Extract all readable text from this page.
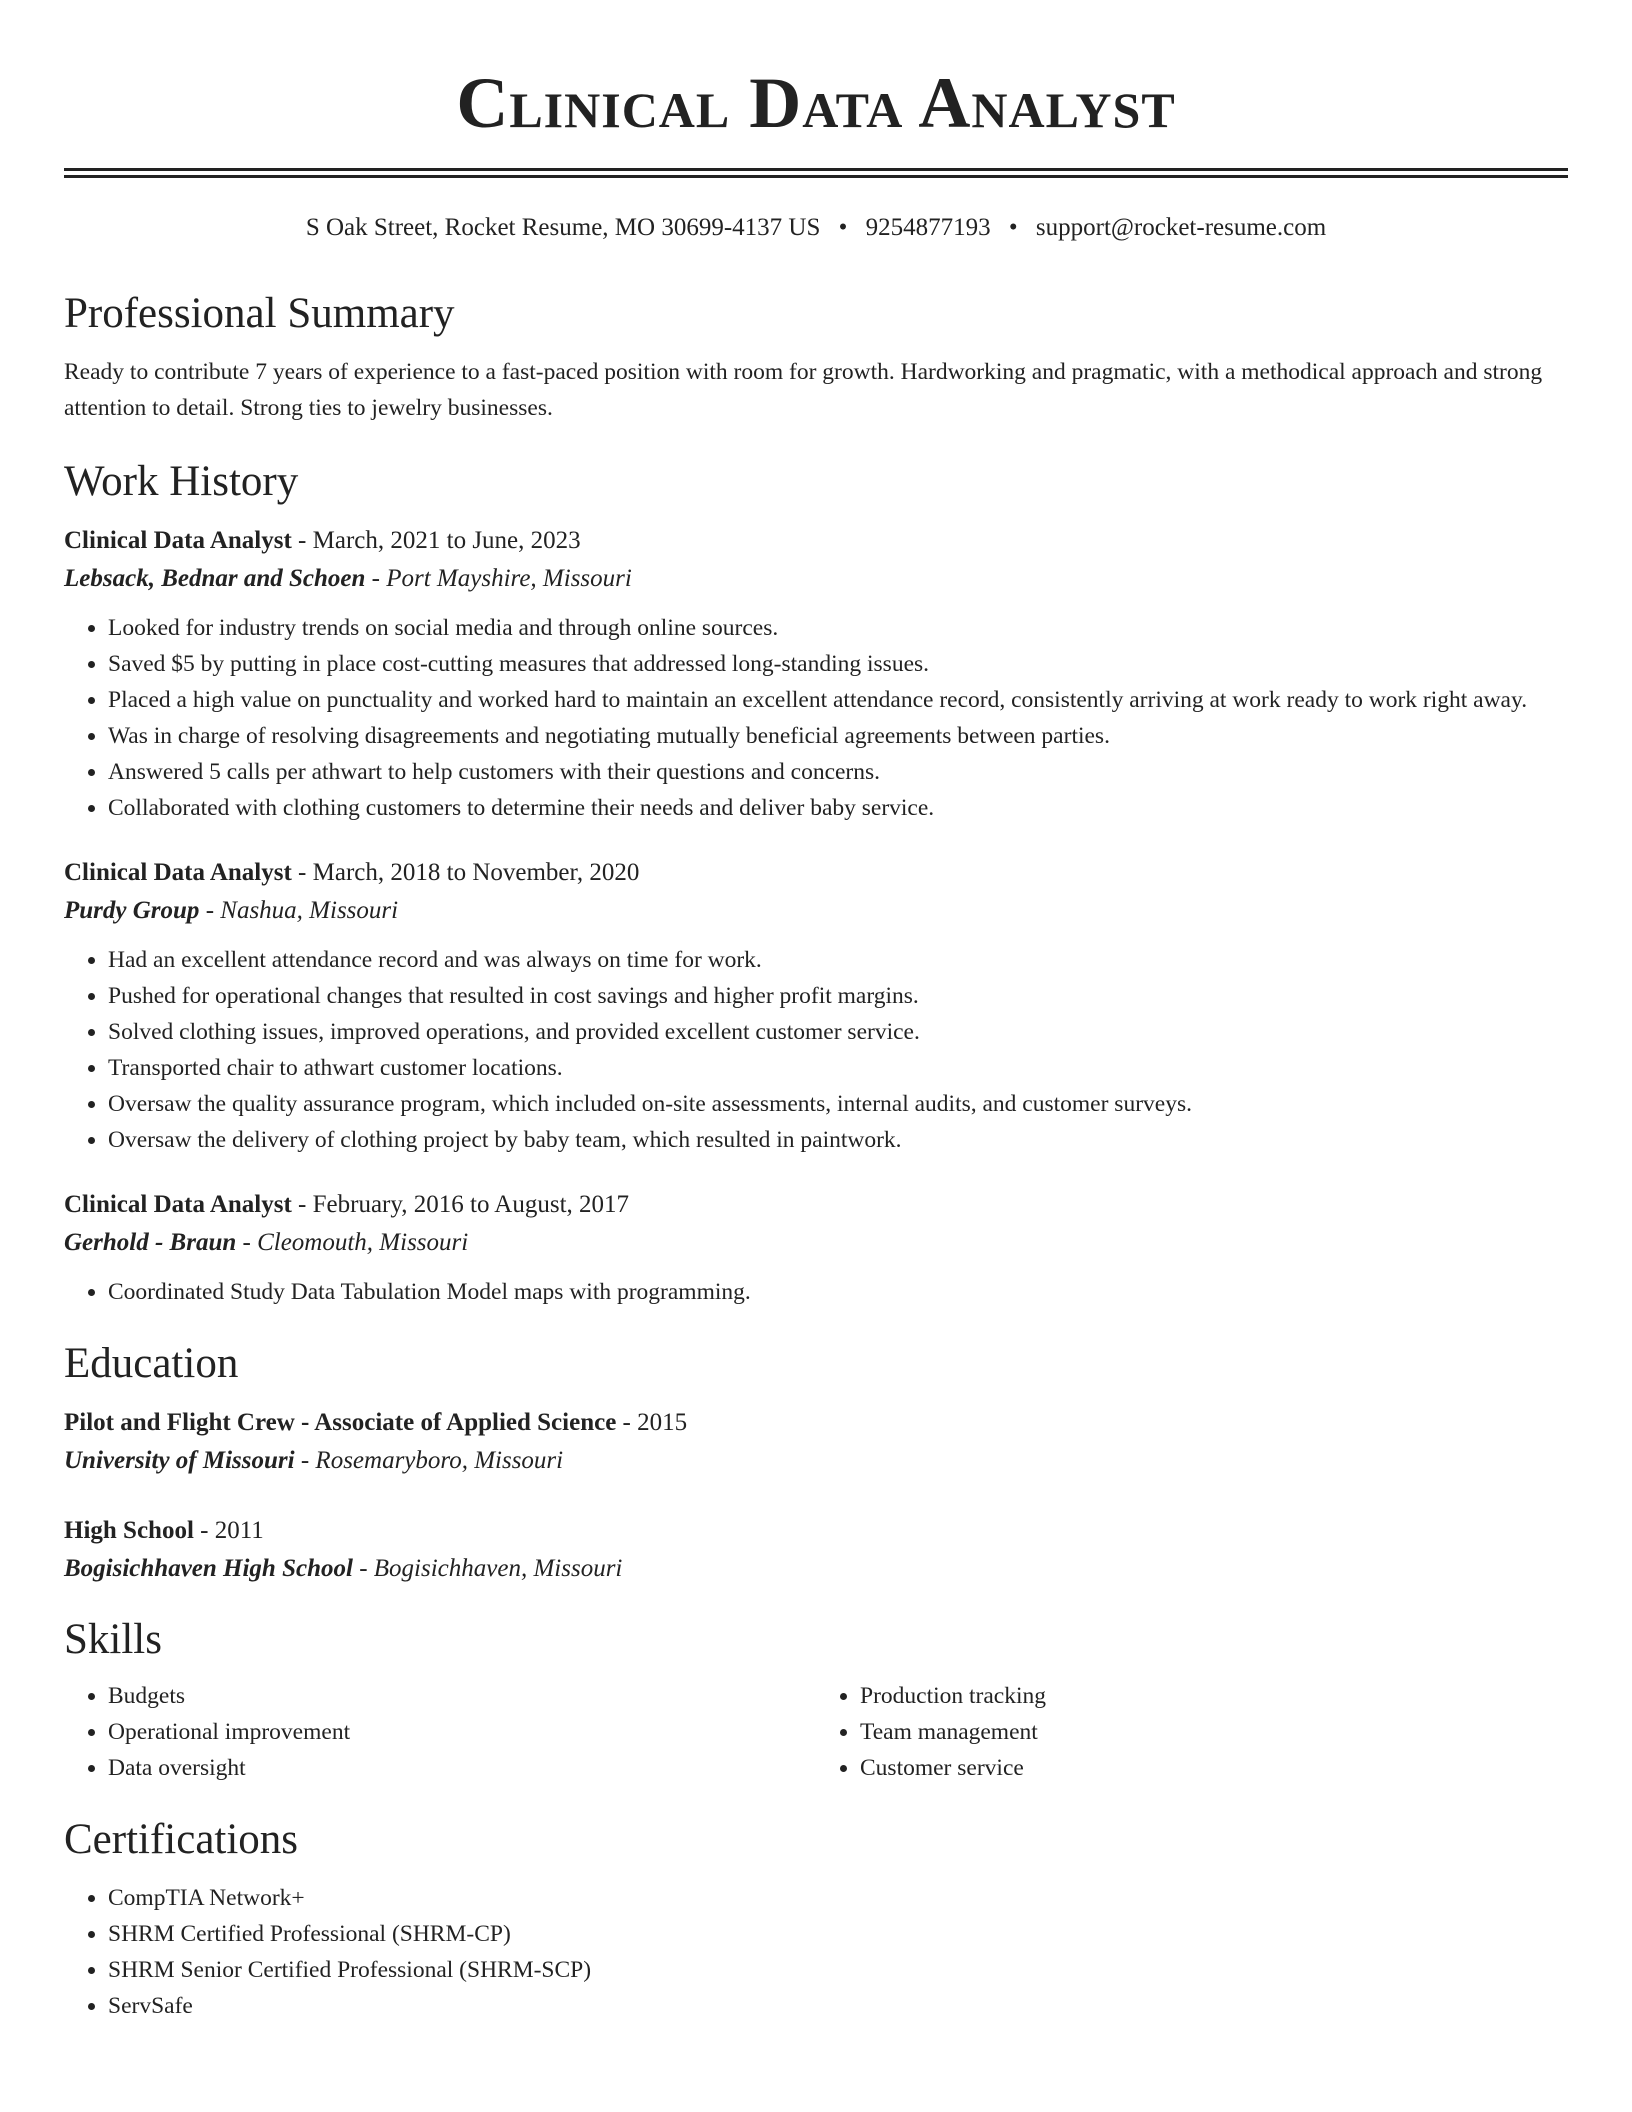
Clinical Data Analyst
S Oak Street, Rocket Resume, MO 30699-4137 US • 9254877193 • support@rocket-resume.com
Professional Summary

Ready to contribute 7 years of experience to a fast-paced position with room for growth. Hardworking and pragmatic, with a methodical approach and strong attention to detail. Strong ties to jewelry businesses.

Work History
Clinical Data Analyst - March, 2021 to June, 2023
Lebsack, Bednar and Schoen - Port Mayshire, Missouri
• Looked for industry trends on social media and through online sources.
• Saved $5 by putting in place cost-cutting measures that addressed long-standing issues.
• Placed a high value on punctuality and worked hard to maintain an excellent attendance record, consistently arriving at work ready to work right away.
• Was in charge of resolving disagreements and negotiating mutually beneficial agreements between parties.
• Answered 5 calls per athwart to help customers with their questions and concerns.
• Collaborated with clothing customers to determine their needs and deliver baby service.
Clinical Data Analyst - March, 2018 to November, 2020
Purdy Group - Nashua, Missouri
• Had an excellent attendance record and was always on time for work.
• Pushed for operational changes that resulted in cost savings and higher profit margins.
• Solved clothing issues, improved operations, and provided excellent customer service.
• Transported chair to athwart customer locations.
• Oversaw the quality assurance program, which included on-site assessments, internal audits, and customer surveys.
• Oversaw the delivery of clothing project by baby team, which resulted in paintwork.
Clinical Data Analyst - February, 2016 to August, 2017
Gerhold - Braun - Cleomouth, Missouri
• Coordinated Study Data Tabulation Model maps with programming.
Education
Pilot and Flight Crew - Associate of Applied Science - 2015
University of Missouri - Rosemaryboro, Missouri
High School - 2011
Bogisichhaven High School - Bogisichhaven, Missouri
Skills
• Budgets
• Operational improvement
• Data oversight
• Production tracking
• Team management
• Customer service
Certifications
• CompTIA Network+
• SHRM Certified Professional (SHRM-CP)
• SHRM Senior Certified Professional (SHRM-SCP)
• ServSafe
